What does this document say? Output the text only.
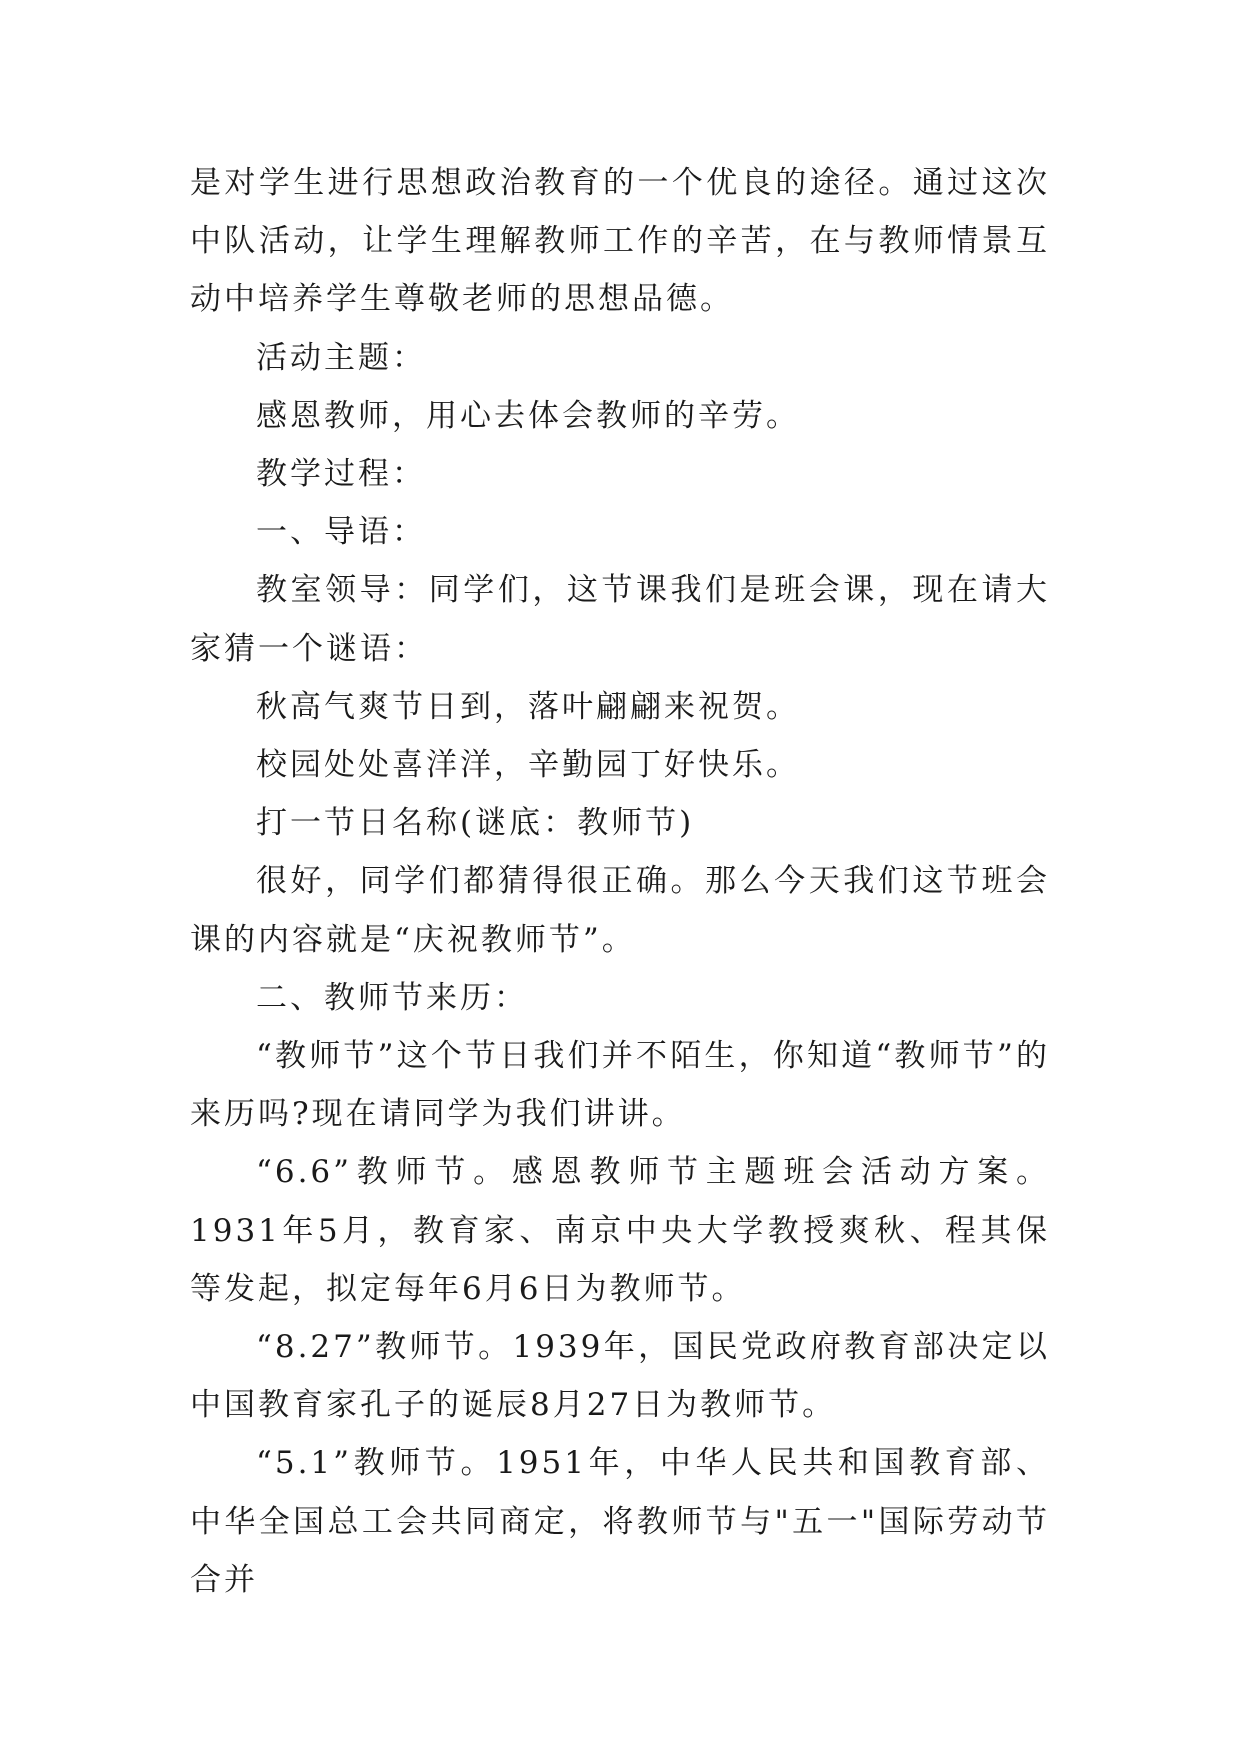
是对学生进行思想政治教育的一个优良的途径。通过这次中队活动，让学生理解教师工作的辛苦，在与教师情景互动中培养学生尊敬老师的思想品德。

活动主题：

感恩教师，用心去体会教师的辛劳。

教学过程：

一、导语：

教室领导：同学们，这节课我们是班会课，现在请大家猜一个谜语：

秋高气爽节日到，落叶翩翩来祝贺。

校园处处喜洋洋，辛勤园丁好快乐。

打一节日名称(谜底：教师节)

很好，同学们都猜得很正确。那么今天我们这节班会课的内容就是“庆祝教师节”。

二、教师节来历：

“教师节”这个节日我们并不陌生，你知道“教师节”的来历吗?现在请同学为我们讲讲。

“6.6”教师节。感恩教师节主题班会活动方案。1931年5月，教育家、南京中央大学教授爽秋、程其保等发起，拟定每年6月6日为教师节。

“8.27”教师节。1939年，国民党政府教育部决定以中国教育家孔子的诞辰8月27日为教师节。

“5.1”教师节。1951年，中华人民共和国教育部、中华全国总工会共同商定，将教师节与"五一"国际劳动节合并
